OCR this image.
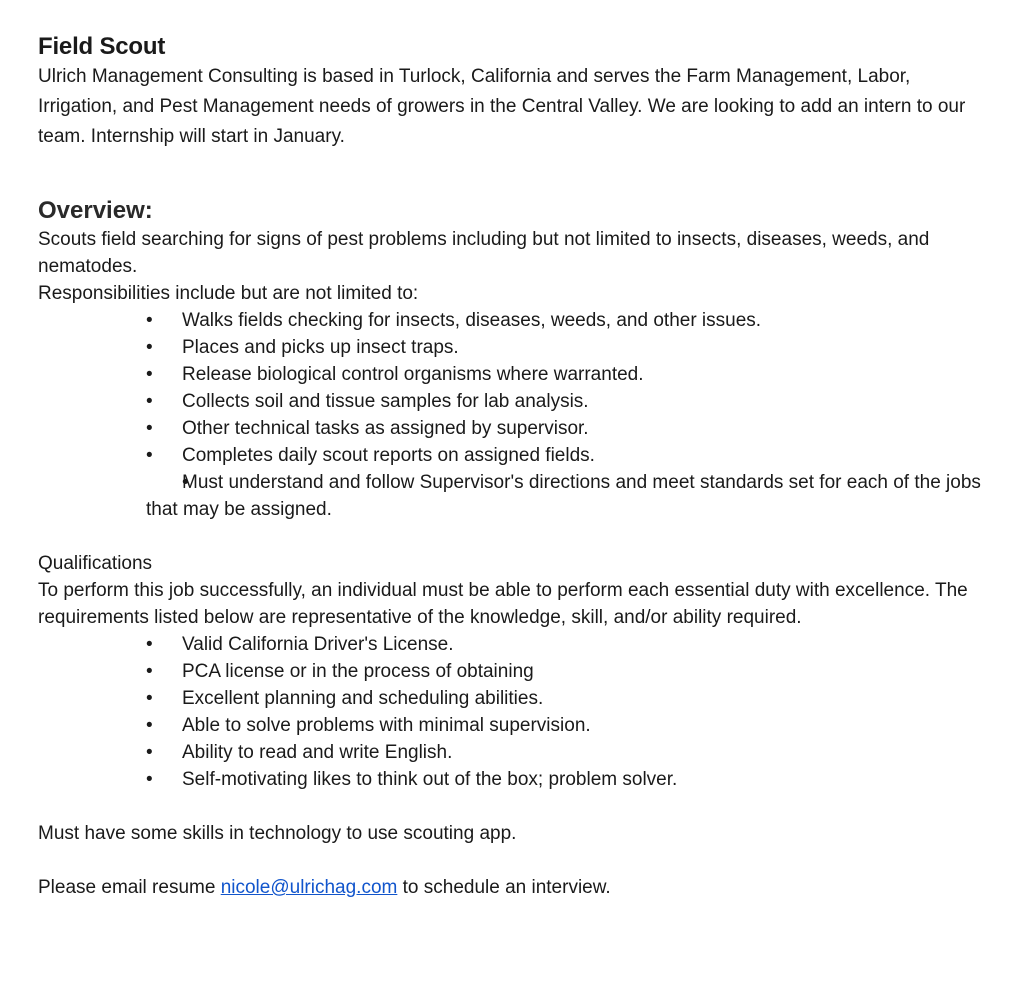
Field Scout

Ulrich Management Consulting is based in Turlock, California and serves the Farm Management, Labor, Irrigation, and Pest Management needs of growers in the Central Valley. We are looking to add an intern to our team. Internship will start in January.

Overview:

Scouts field searching for signs of pest problems including but not limited to insects, diseases, weeds, and nematodes.

Responsibilities include but are not limited to:

• Walks fields checking for insects, diseases, weeds, and other issues.
• Places and picks up insect traps.
• Release biological control organisms where warranted.
• Collects soil and tissue samples for lab analysis.
• Other technical tasks as assigned by supervisor.
• Completes daily scout reports on assigned fields.
• Must understand and follow Supervisor's directions and meet standards set for each of the jobs that may be assigned.

Qualifications

To perform this job successfully, an individual must be able to perform each essential duty with excellence. The requirements listed below are representative of the knowledge, skill, and/or ability required.

• Valid California Driver's License.
• PCA license or in the process of obtaining
• Excellent planning and scheduling abilities.
• Able to solve problems with minimal supervision.
• Ability to read and write English.
• Self-motivating likes to think out of the box; problem solver.

Must have some skills in technology to use scouting app.

Please email resume nicole@ulrichag.com to schedule an interview.
